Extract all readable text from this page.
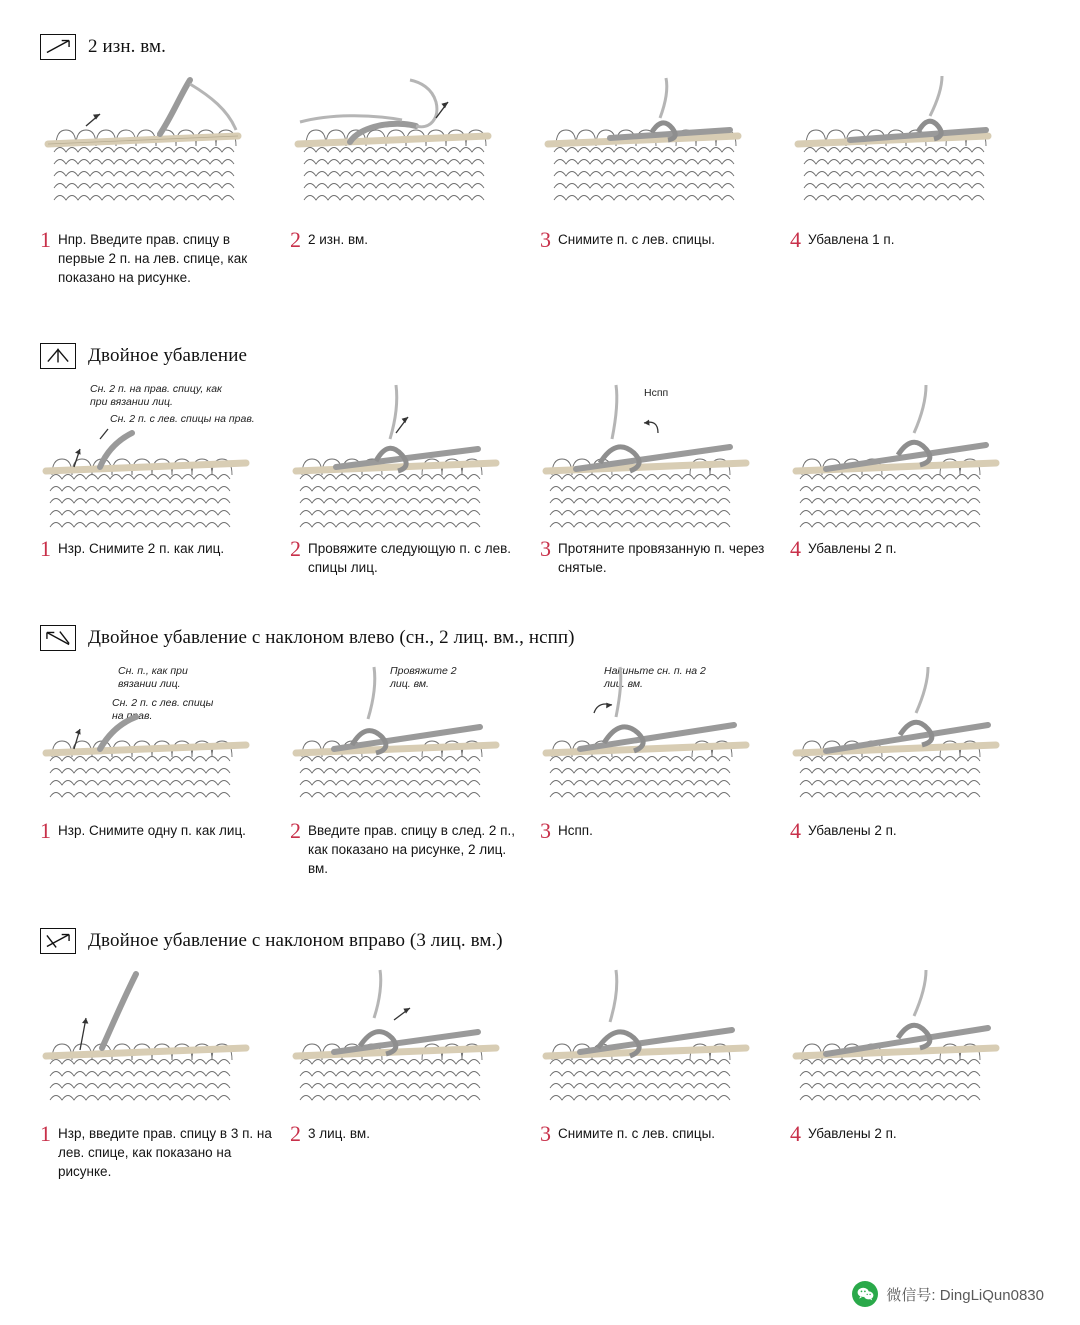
2 изн. вм.
1 Нпр. Введите прав. спицу в первые 2 п. на лев. спице, как показано на рисунке.
2 2 изн. вм.	3 Снимите п. с лев. спицы.	4 Убавлена 1 п.
Двойное убавление
Сн. 2 п. на прав. спицу, как при вязании лиц.
Сн. 2 п. с лев. спицы на прав.
1 Нзр. Снимите 2 п. как лиц.	2 Провяжите следующую п. с лев. спицы лиц.
Нспп
3 Протяните провязанную п. через снятые.
4 Убавлены 2 п.
Двойное убавление с наклоном влево (сн., 2 лиц. вм., нспп)
Сн. п., как при вязании лиц.
Сн. 2 п. с лев. спицы на прав.
1 Нзр. Снимите одну п. как лиц.
Провяжите 2 лиц. вм.
2 Введите прав. спицу в след. 2 п., как показано на рисунке, 2 лиц. вм.
Накиньте сн. п. на 2 лиц. вм.
3 Нспп.	4 Убавлены 2 п.
Двойное убавление с наклоном вправо (3 лиц. вм.)
1 Нзр, введите прав. спицу в 3 п. на лев. спице, как показано на рисунке.
2 3 лиц. вм.	3 Снимите п. с лев. спицы.	4 Убавлены 2 п.
微信号: DingLiQun0830
